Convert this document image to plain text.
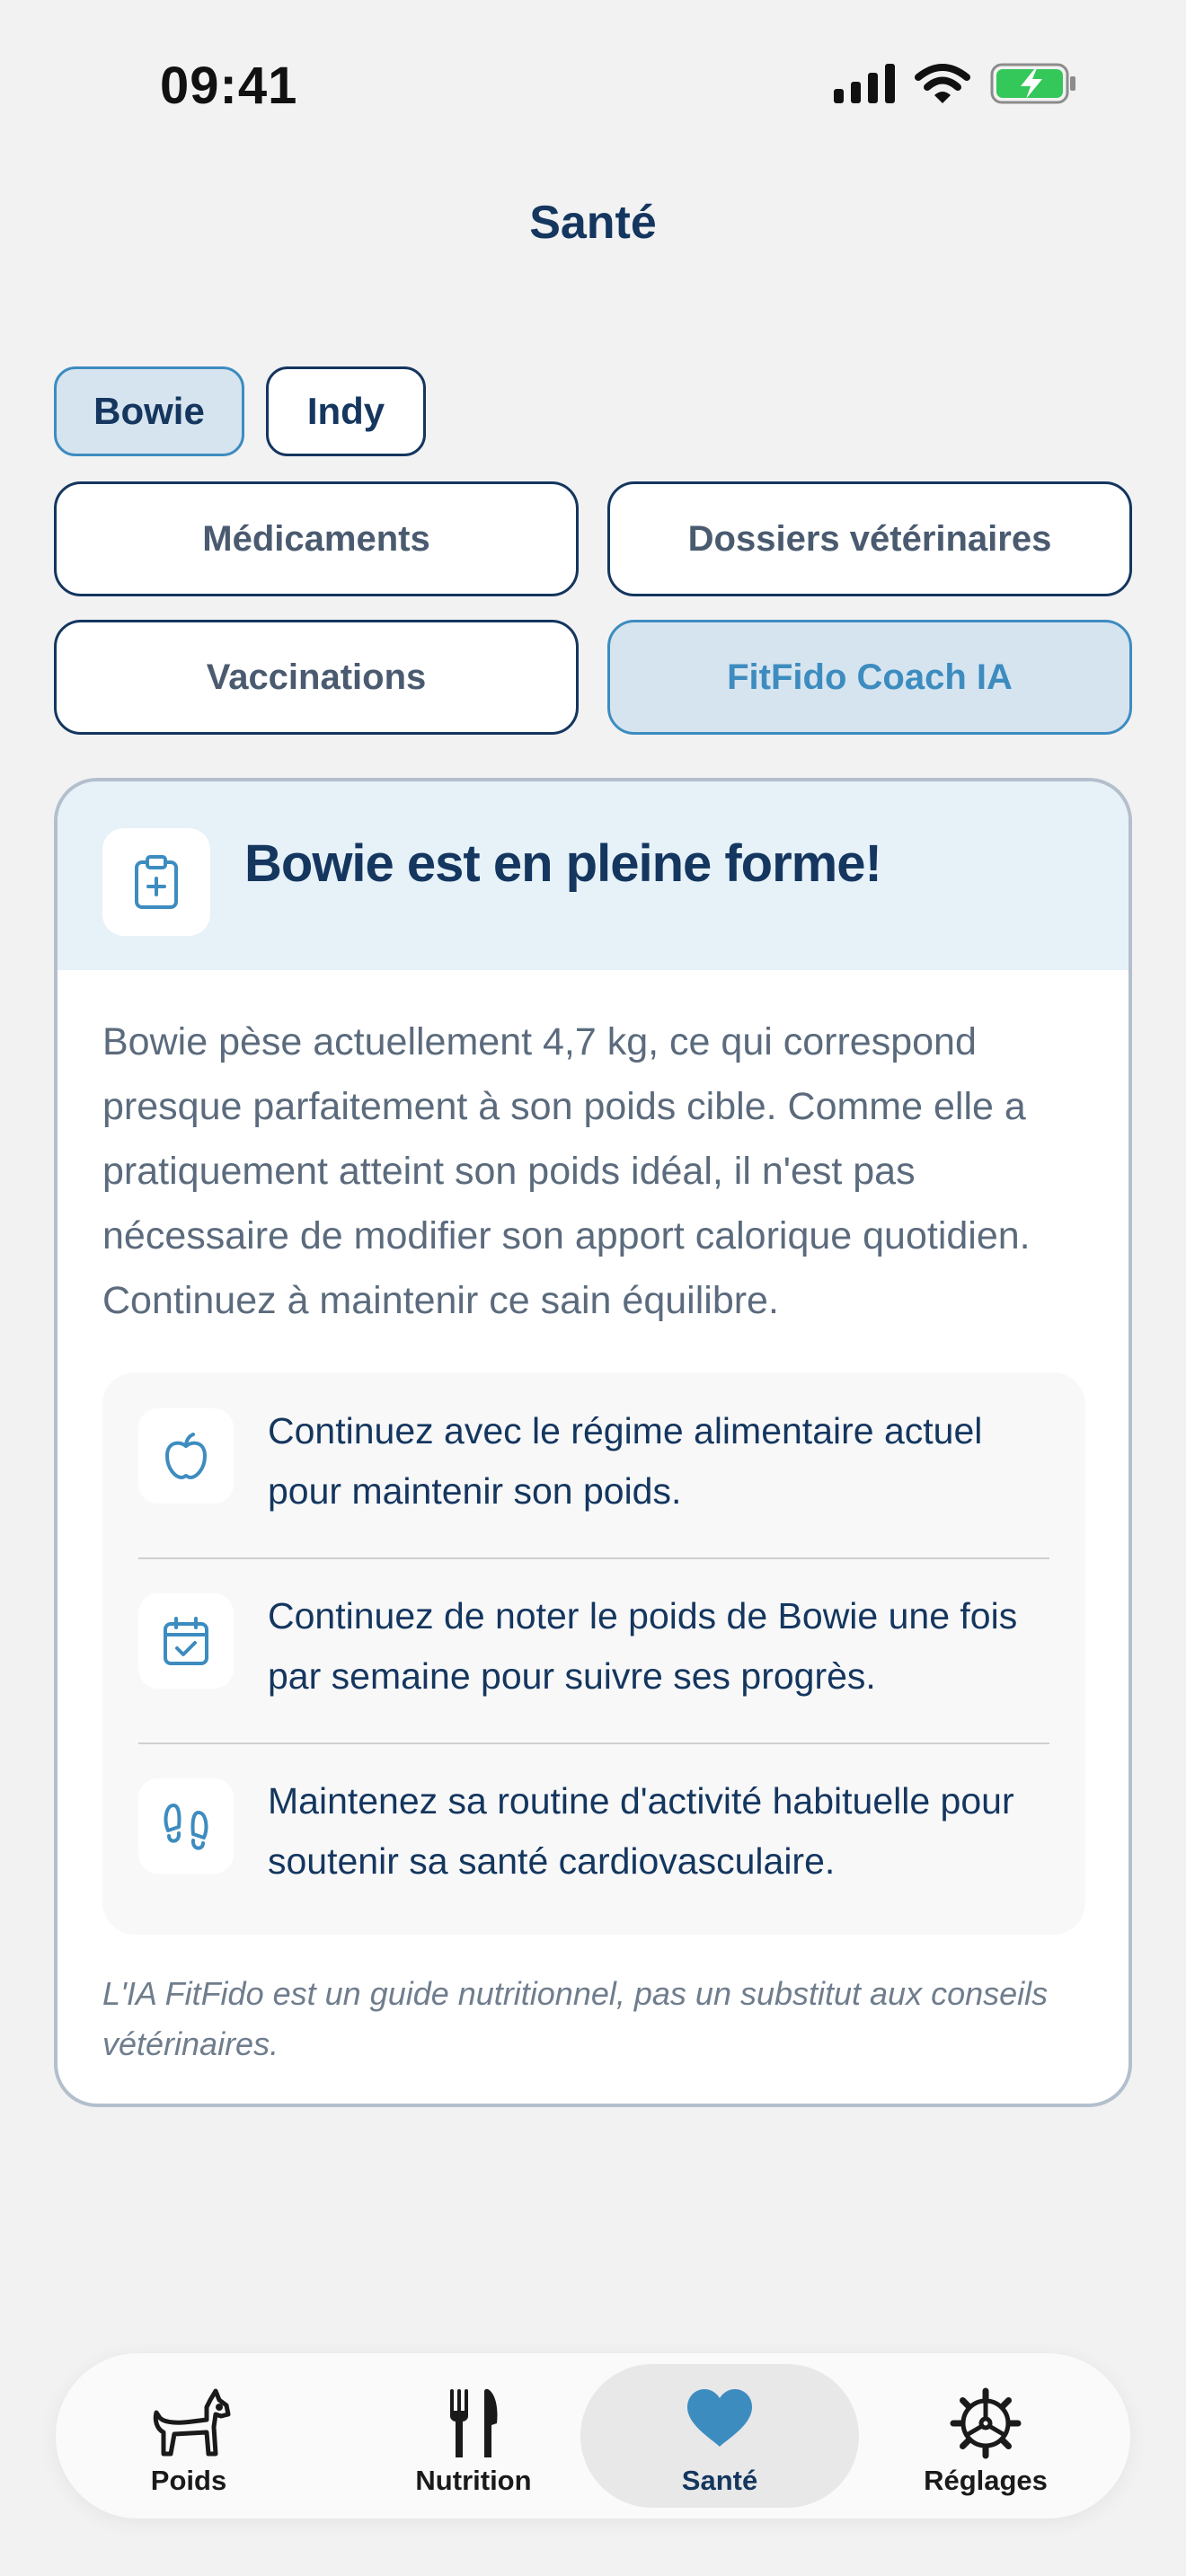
09:41
Santé
Bowie	Indy
Médicaments	Dossiers vétérinaires
Vaccinations	FitFido Coach IA
Bowie est en pleine forme!
Bowie pèse actuellement 4,7 kg, ce qui correspond presque parfaitement à son poids cible. Comme elle a pratiquement atteint son poids idéal, il n'est pas nécessaire de modifier son apport calorique quotidien. Continuez à maintenir ce sain équilibre.
Continuez avec le régime alimentaire actuel pour maintenir son poids.
Continuez de noter le poids de Bowie une fois par semaine pour suivre ses progrès.
Maintenez sa routine d'activité habituelle pour soutenir sa santé cardiovasculaire.
L'IA FitFido est un guide nutritionnel, pas un substitut aux conseils vétérinaires.
Poids	Nutrition	Santé	Réglages
